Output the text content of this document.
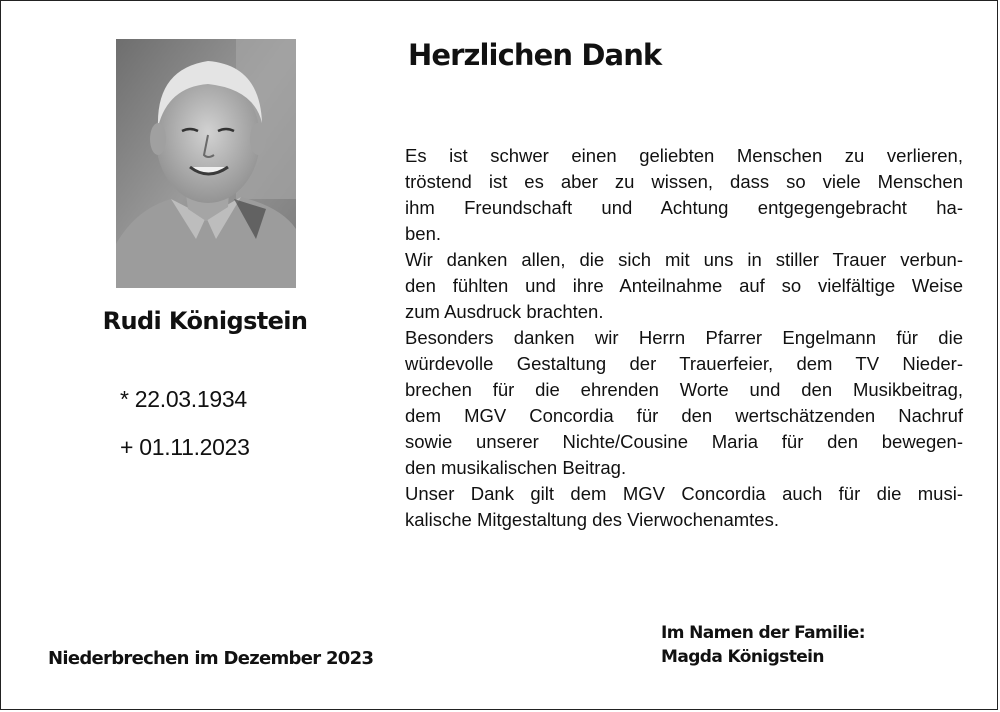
Rudi Königstein
* 22.03.1934
+ 01.11.2023
Herzlichen Dank
Es ist schwer einen geliebten Menschen zu verlieren,
tröstend ist es aber zu wissen, dass so viele Menschen
ihm Freundschaft und Achtung entgegengebracht ha-
ben.
Wir danken allen, die sich mit uns in stiller Trauer verbun-
den fühlten und ihre Anteilnahme auf so vielfältige Weise
zum Ausdruck brachten.
Besonders danken wir Herrn Pfarrer Engelmann für die
würdevolle Gestaltung der Trauerfeier, dem TV Nieder-
brechen für die ehrenden Worte und den Musikbeitrag,
dem MGV Concordia für den wertschätzenden Nachruf
sowie unserer Nichte/Cousine Maria für den bewegen-
den musikalischen Beitrag.
Unser Dank gilt dem MGV Concordia auch für die musi-
kalische Mitgestaltung des Vierwochenamtes.
Niederbrechen im Dezember 2023
Im Namen der Familie:
Magda Königstein
